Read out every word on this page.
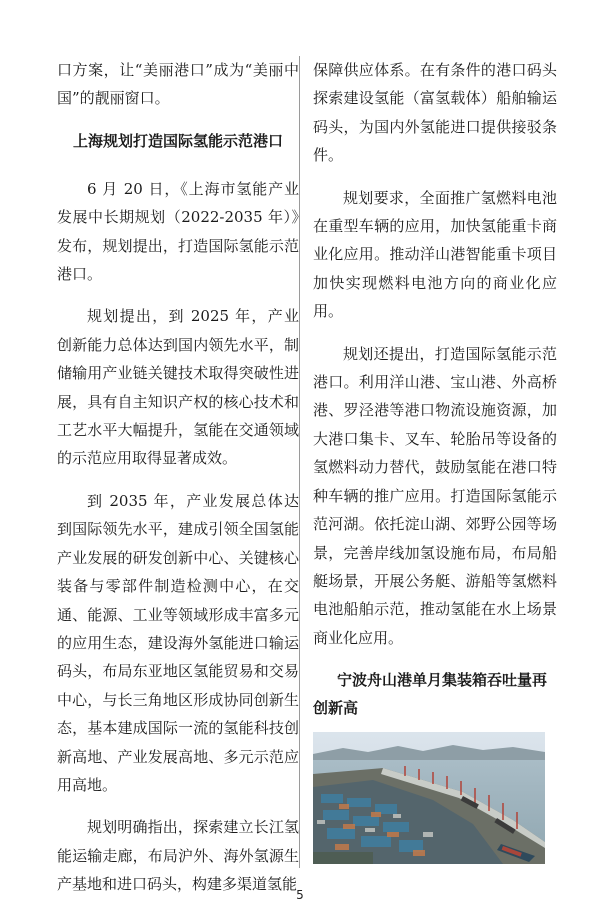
口方案，让“美丽港口”成为“美丽中国”的靓丽窗口。

上海规划打造国际氢能示范港口

6 月 20 日，《上海市氢能产业发展中长期规划（2022-2035 年）》发布，规划提出，打造国际氢能示范港口。

规划提出，到 2025 年，产业创新能力总体达到国内领先水平，制储输用产业链关键技术取得突破性进展，具有自主知识产权的核心技术和工艺水平大幅提升，氢能在交通领域的示范应用取得显著成效。

到 2035 年，产业发展总体达到国际领先水平，建成引领全国氢能产业发展的研发创新中心、关键核心装备与零部件制造检测中心，在交通、能源、工业等领域形成丰富多元的应用生态，建设海外氢能进口输运码头，布局东亚地区氢能贸易和交易中心，与长三角地区形成协同创新生态，基本建成国际一流的氢能科技创新高地、产业发展高地、多元示范应用高地。

规划明确指出，探索建立长江氢能运输走廊，布局沪外、海外氢源生产基地和进口码头，构建多渠道氢能

保障供应体系。在有条件的港口码头探索建设氢能（富氢载体）船舶输运码头，为国内外氢能进口提供接驳条件。

规划要求，全面推广氢燃料电池在重型车辆的应用，加快氢能重卡商业化应用。推动洋山港智能重卡项目加快实现燃料电池方向的商业化应用。

规划还提出，打造国际氢能示范港口。利用洋山港、宝山港、外高桥港、罗泾港等港口物流设施资源，加大港口集卡、叉车、轮胎吊等设备的氢燃料动力替代，鼓励氢能在港口特种车辆的推广应用。打造国际氢能示范河湖。依托淀山湖、郊野公园等场景，完善岸线加氢设施布局，布局船艇场景，开展公务艇、游船等氢燃料电池船舶示范，推动氢能在水上场景商业化应用。

宁波舟山港单月集装箱吞吐量再创新高
5
